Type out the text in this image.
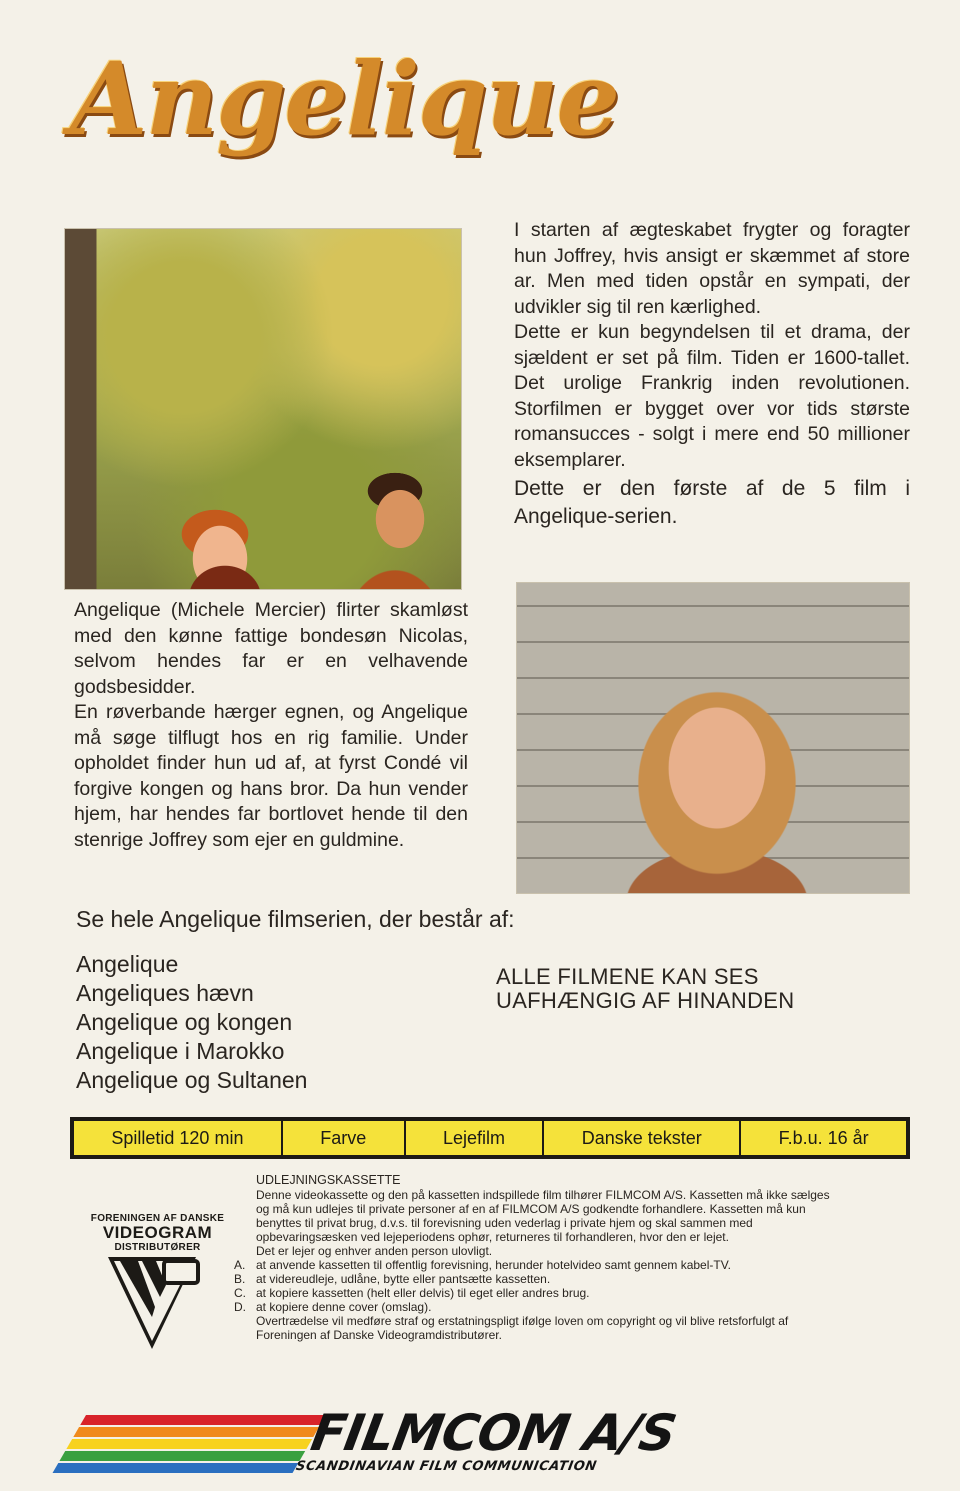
Angelique

I starten af ægteskabet frygter og foragter hun Joffrey, hvis ansigt er skæmmet af store ar. Men med tiden opstår en sympati, der udvikler sig til ren kærlighed.

Dette er kun begyndelsen til et drama, der sjældent er set på film. Tiden er 1600-tallet. Det urolige Frankrig inden revolutionen. Storfilmen er bygget over vor tids største romansucces - solgt i mere end 50 millioner eksemplarer.

Dette er den første af de 5 film i Angelique-serien.

Angelique (Michele Mercier) flirter skamløst med den kønne fattige bondesøn Nicolas, selvom hendes far er en velhavende godsbesidder.

En røverbande hærger egnen, og Angelique må søge tilflugt hos en rig familie. Under opholdet finder hun ud af, at fyrst Condé vil forgive kongen og hans bror. Da hun vender hjem, har hendes far bortlovet hende til den stenrige Joffrey som ejer en guldmine.

Se hele Angelique filmserien, der består af:
Angelique
Angeliques hævn
Angelique og kongen
Angelique i Marokko
Angelique og Sultanen
ALLE FILMENE KAN SES UAFHÆNGIG AF HINANDEN
Spilletid 120 min	Farve	Lejefilm	Danske tekster	F.b.u. 16 år
FORENINGEN AF DANSKE
VIDEOGRAM
DISTRIBUTØRER
UDLEJNINGSKASSETTE

Denne videokassette og den på kassetten indspillede film tilhører FILMCOM A/S. Kassetten må ikke sælges og må kun udlejes til private personer af en af FILMCOM A/S godkendte forhandlere. Kassetten må kun benyttes til privat brug, d.v.s. til forevisning uden vederlag i private hjem og skal sammen med opbevaringsæsken ved lejeperiodens ophør, returneres til forhandleren, hvor den er lejet.

Det er lejer og enhver anden person ulovligt.

A. at anvende kassetten til offentlig forevisning, herunder hotelvideo samt gennem kabel-TV.
B. at videreudleje, udlåne, bytte eller pantsætte kassetten.
C. at kopiere kassetten (helt eller delvis) til eget eller andres brug.
D. at kopiere denne cover (omslag).

Overtrædelse vil medføre straf og erstatningspligt ifølge loven om copyright og vil blive retsforfulgt af Foreningen af Danske Videogramdistributører.

FILMCOM A/S
SCANDINAVIAN FILM COMMUNICATION
